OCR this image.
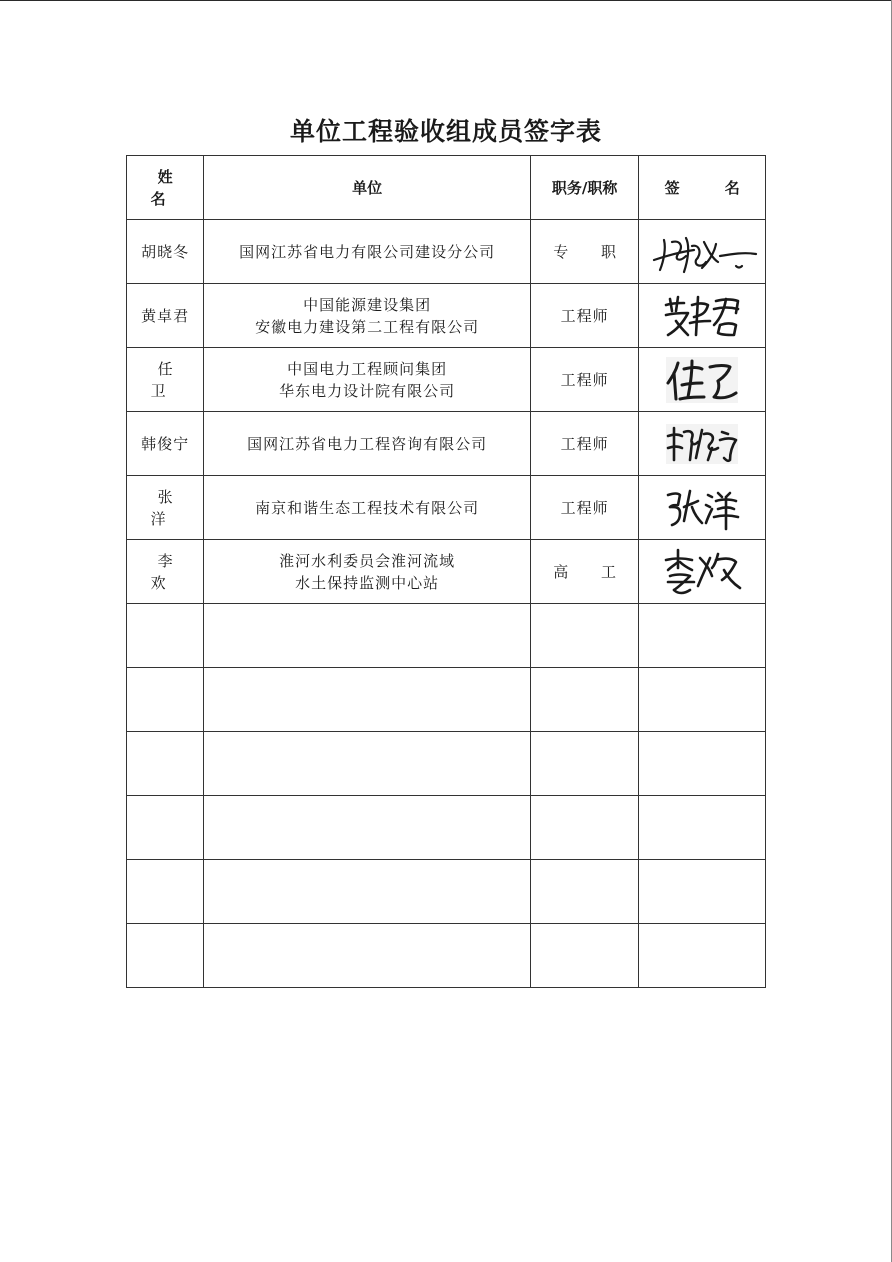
单位工程验收组成员签字表
姓 名	单位	职务/职称	签 名
胡晓冬	国网江苏省电力有限公司建设分公司	专 职	

黄卓君	中国能源建设集团
安徽电力建设第二工程有限公司	工程师	

任 卫	中国电力工程顾问集团
华东电力设计院有限公司	工程师	

韩俊宁	国网江苏省电力工程咨询有限公司	工程师	

张 洋	南京和谐生态工程技术有限公司	工程师	

李 欢	淮河水利委员会淮河流域
水土保持监测中心站	高 工	
